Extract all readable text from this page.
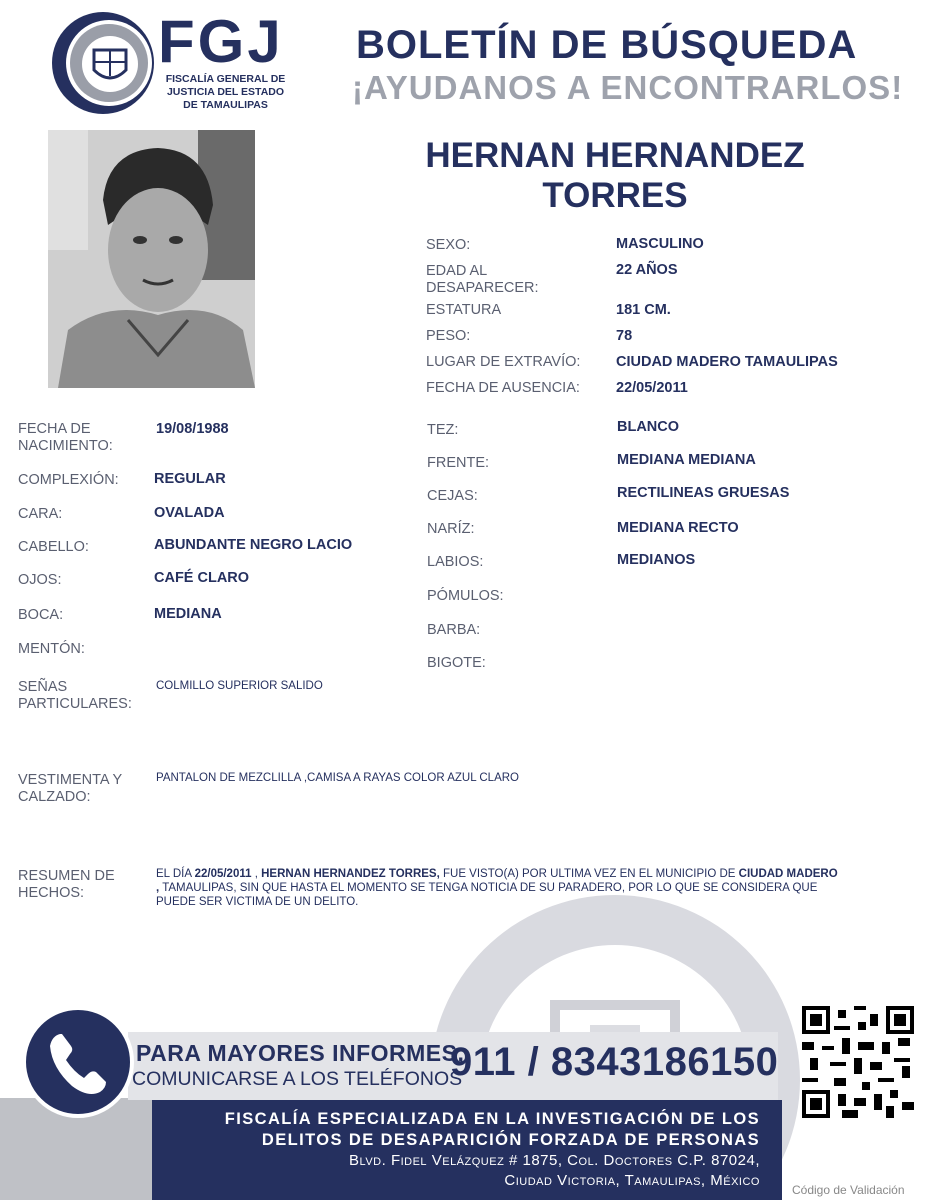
FGJ
FISCALÍA GENERAL DE
JUSTICIA DEL ESTADO
DE TAMAULIPAS
BOLETÍN DE BÚSQUEDA
¡AYUDANOS A ENCONTRARLOS!
HERNAN HERNANDEZ
TORRES
SEXO:	MASCULINO
EDAD AL DESAPARECER:
22 AÑOS
ESTATURA	181 CM.
PESO:	78
LUGAR DE EXTRAVÍO: CIUDAD MADERO TAMAULIPAS
FECHA DE AUSENCIA: 22/05/2011
FECHA DE NACIMIENTO:
19/08/1988
COMPLEXIÓN: REGULAR
CARA:	OVALADA
CABELLO:	ABUNDANTE NEGRO LACIO
OJOS:	CAFÉ CLARO
BOCA:	MEDIANA
MENTÓN:
SEÑAS PARTICULARES:
COLMILLO SUPERIOR SALIDO
TEZ:	BLANCO
FRENTE:	MEDIANA MEDIANA
CEJAS:	RECTILINEAS GRUESAS
NARÍZ:	MEDIANA RECTO
LABIOS:	MEDIANOS
PÓMULOS:
BARBA:
BIGOTE:
VESTIMENTA Y
CALZADO:
PANTALON DE MEZCLILLA ,CAMISA A RAYAS COLOR AZUL CLARO
RESUMEN DE
HECHOS:
EL DÍA 22/05/2011 , HERNAN HERNANDEZ TORRES, FUE VISTO(A) POR ULTIMA VEZ EN EL MUNICIPIO DE CIUDAD MADERO , TAMAULIPAS, SIN QUE HASTA EL MOMENTO SE TENGA NOTICIA DE SU PARADERO, POR LO QUE SE CONSIDERA QUE PUEDE SER VICTIMA DE UN DELITO.
PARA MAYORES INFORMES,
COMUNICARSE A LOS TELÉFONOS
911 / 8343186150
FISCALÍA ESPECIALIZADA EN LA INVESTIGACIÓN DE LOS
DELITOS DE DESAPARICIÓN FORZADA DE PERSONAS
Blvd. Fidel Velázquez # 1875, Col. Doctores C.P. 87024,
Ciudad Victoria, Tamaulipas, México
Código de Validación
